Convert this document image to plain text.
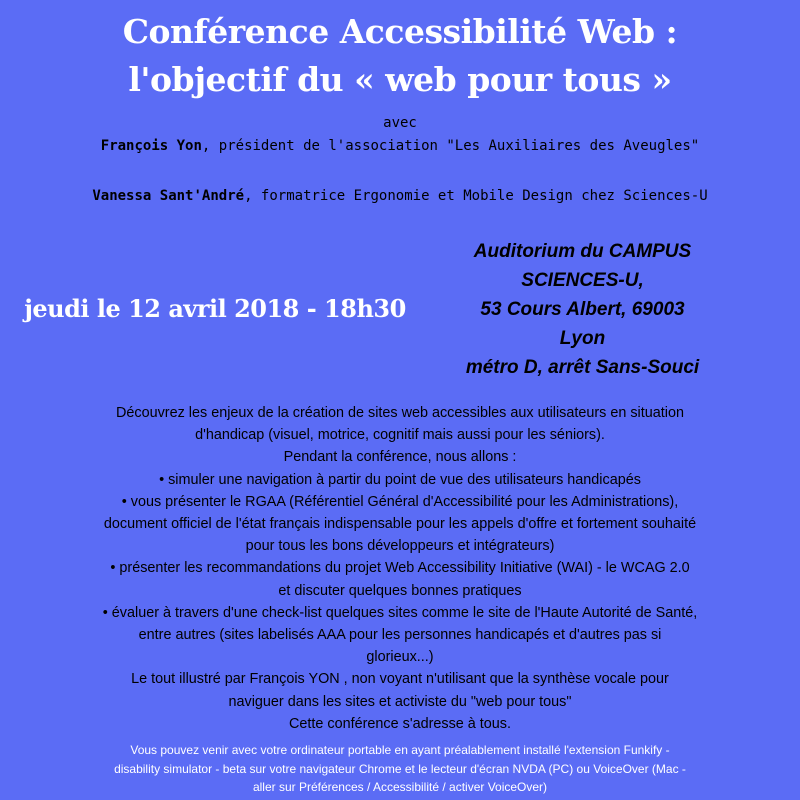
Conférence Accessibilité Web :
l'objectif du « web pour tous »
avec
François Yon, président de l'association "Les Auxiliaires des Aveugles"
Vanessa Sant'André, formatrice Ergonomie et Mobile Design chez Sciences-U
jeudi le 12 avril 2018 - 18h30
Auditorium du CAMPUS
SCIENCES-U,
53 Cours Albert, 69003
Lyon
métro D, arrêt Sans-Souci
Découvrez les enjeux de la création de sites web accessibles aux utilisateurs en situation
d'handicap (visuel, motrice, cognitif mais aussi pour les séniors).
Pendant la conférence, nous allons :
• simuler une navigation à partir du point de vue des utilisateurs handicapés
• vous présenter le RGAA (Référentiel Général d'Accessibilité pour les Administrations),
document officiel de l'état français indispensable pour les appels d'offre et fortement souhaité
pour tous les bons développeurs et intégrateurs)
• présenter les recommandations du projet Web Accessibility Initiative (WAI) - le WCAG 2.0
et discuter quelques bonnes pratiques
• évaluer à travers d'une check-list quelques sites comme le site de l'Haute Autorité de Santé,
entre autres (sites labelisés AAA pour les personnes handicapés et d'autres pas si
glorieux...)
Le tout illustré par François YON , non voyant n'utilisant que la synthèse vocale pour
naviguer dans les sites et activiste du "web pour tous"
Cette conférence s'adresse à tous.
Vous pouvez venir avec votre ordinateur portable en ayant préalablement installé l'extension Funkify -
disability simulator - beta sur votre navigateur Chrome et le lecteur d'écran NVDA (PC) ou VoiceOver (Mac -
aller sur Préférences / Accessibilité / activer VoiceOver)
